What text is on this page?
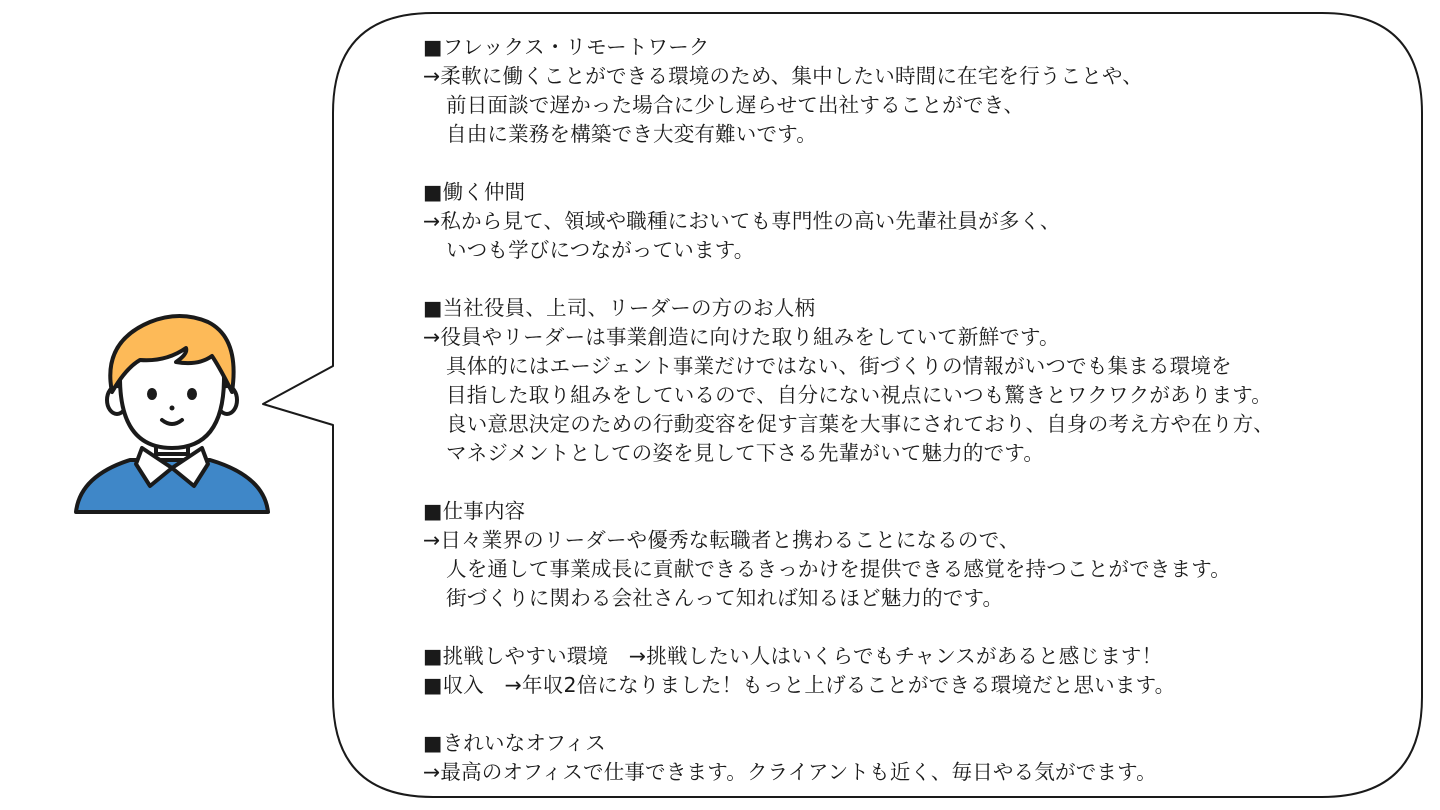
■フレックス・リモートワーク
→柔軟に働くことができる環境のため、集中したい時間に在宅を行うことや、
前日面談で遅かった場合に少し遅らせて出社することができ、
自由に業務を構築でき大変有難いです。
■働く仲間
→私から見て、領域や職種においても専門性の高い先輩社員が多く、
いつも学びにつながっています。
■当社役員、上司、リーダーの方のお人柄
→役員やリーダーは事業創造に向けた取り組みをしていて新鮮です。
具体的にはエージェント事業だけではない、街づくりの情報がいつでも集まる環境を
目指した取り組みをしているので、自分にない視点にいつも驚きとワクワクがあります。
良い意思決定のための行動変容を促す言葉を大事にされており、自身の考え方や在り方、
マネジメントとしての姿を見して下さる先輩がいて魅力的です。
■仕事内容
→日々業界のリーダーや優秀な転職者と携わることになるので、
人を通して事業成長に貢献できるきっかけを提供できる感覚を持つことができます。
街づくりに関わる会社さんって知れば知るほど魅力的です。
■挑戦しやすい環境　→挑戦したい人はいくらでもチャンスがあると感じます！
■収入　→年収2倍になりました！もっと上げることができる環境だと思います。
■きれいなオフィス
→最高のオフィスで仕事できます。クライアントも近く、毎日やる気がでます。
